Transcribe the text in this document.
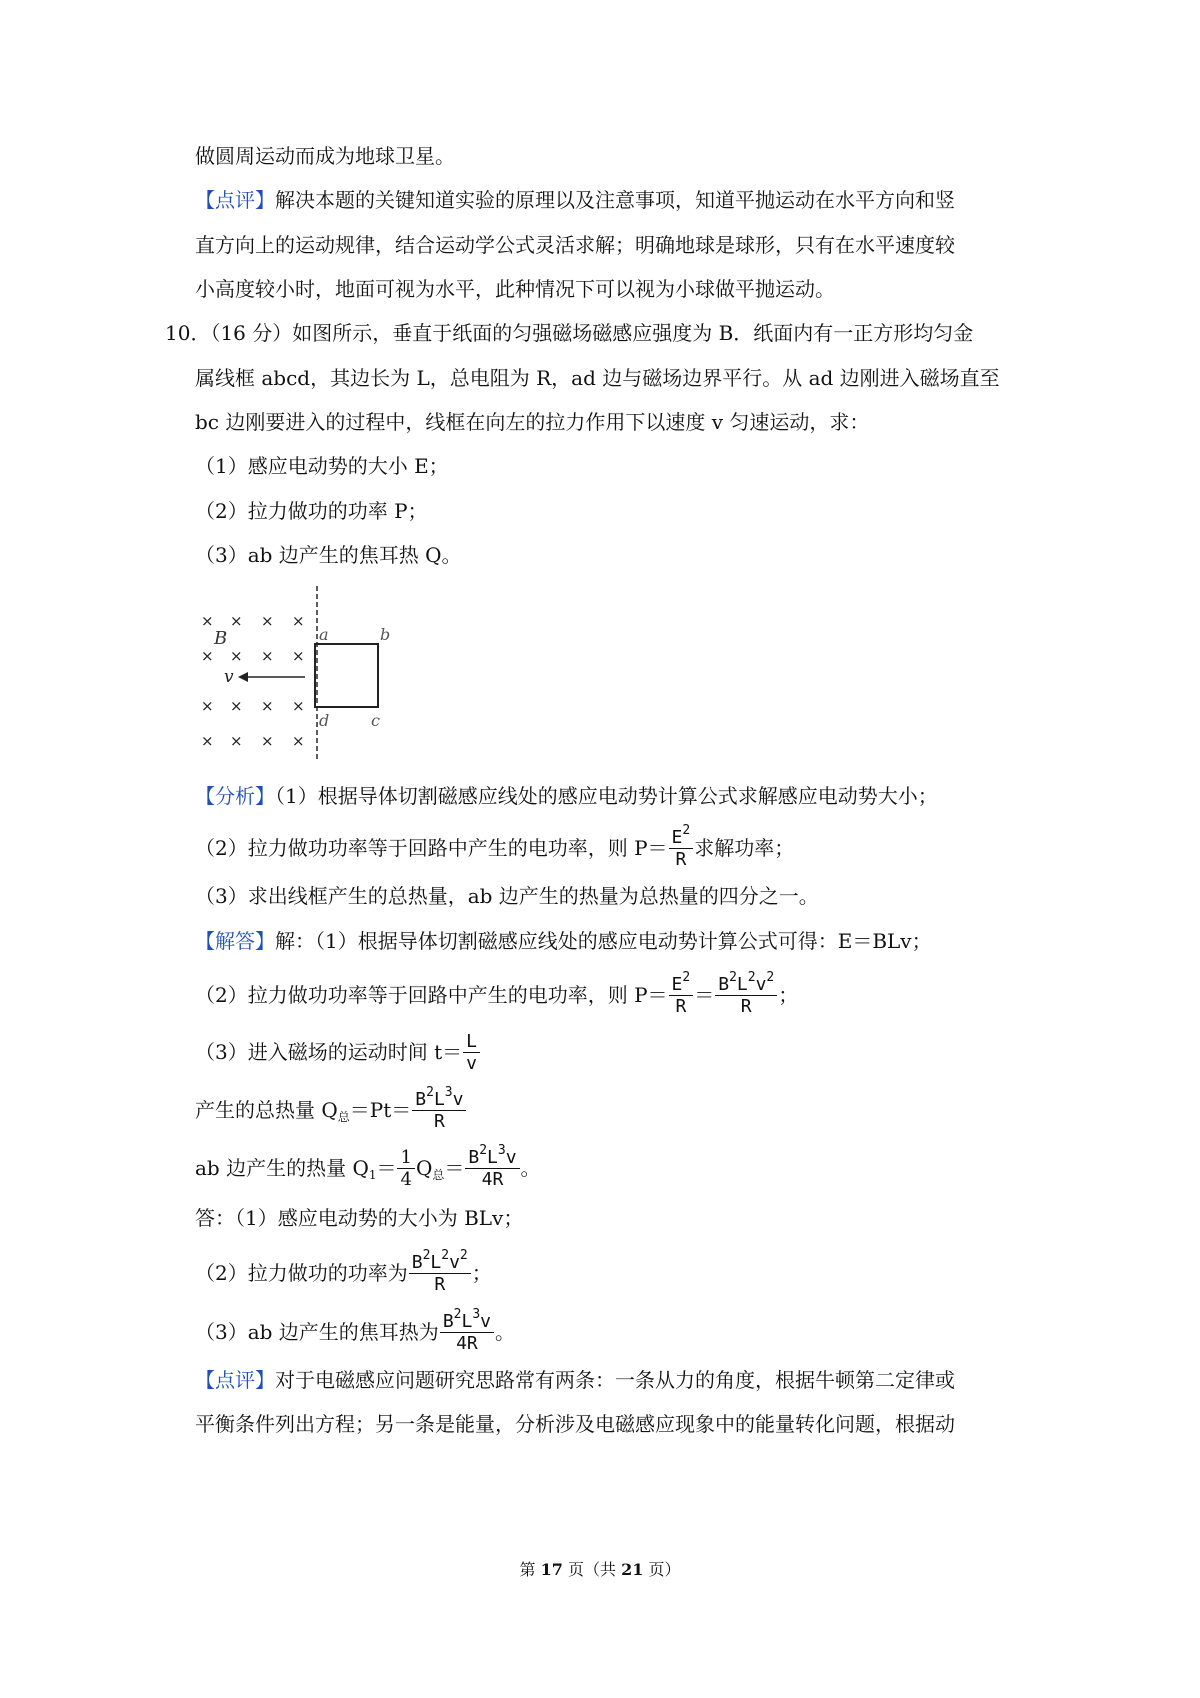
做圆周运动而成为地球卫星。
【点评】解决本题的关键知道实验的原理以及注意事项，知道平抛运动在水平方向和竖
直方向上的运动规律，结合运动学公式灵活求解；明确地球是球形，只有在水平速度较
小高度较小时，地面可视为水平，此种情况下可以视为小球做平抛运动。
10．（16 分）如图所示，垂直于纸面的匀强磁场磁感应强度为 B．纸面内有一正方形均匀金
属线框 abcd，其边长为 L，总电阻为 R，ad 边与磁场边界平行。从 ad 边刚进入磁场直至
bc 边刚要进入的过程中，线框在向左的拉力作用下以速度 v 匀速运动，求：
（1）感应电动势的大小 E；
（2）拉力做功的功率 P；
（3）ab 边产生的焦耳热 Q。
× × × ×
× × × ×
× × × ×
× × × ×
B	a	b
d	c
v
【分析】（1）根据导体切割磁感应线处的感应电动势计算公式求解感应电动势大小；
（2）拉力做功功率等于回路中产生的电功率，则 $P= \frac{E^2}{R}$ 求解功率；
（3）求出线框产生的总热量，ab 边产生的热量为总热量的四分之一。
【解答】解：（1）根据导体切割磁感应线处的感应电动势计算公式可得：E＝BLv；
（2）拉力做功功率等于回路中产生的电功率，则 $P= \frac{E^2}{R} = \frac{B^2L^2v^2}{R}$ ；
（3）进入磁场的运动时间 $t= \frac{L}{v}$
产生的总热量 $Q_总=Pt= \frac{B^2L^3v}{R}$
ab 边产生的热量 $Q_1= \frac{1}{4} Q_总= \frac{B^2L^3v}{4R}$ 。
答：（1）感应电动势的大小为 BLv；
（2）拉力做功的功率为 $\frac{B^2L^2v^2}{R}$ ；
（3）ab 边产生的焦耳热为 $\frac{B^2L^3v}{4R}$ 。
【点评】对于电磁感应问题研究思路常有两条：一条从力的角度，根据牛顿第二定律或
平衡条件列出方程；另一条是能量，分析涉及电磁感应现象中的能量转化问题，根据动
第 17 页（共 21 页）
